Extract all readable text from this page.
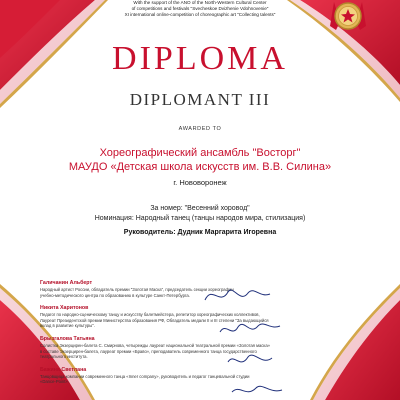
With the support of the ANO of the North-Western Cultural Center
of competitions and festivals "Svecheskoe Dvizhenie Vdohnovenie"
XI international online-competition of choreographic art "Collecting talents"
DIPLOMA
DIPLOMANT III
AWARDED TO
Хореографический ансамбль "Восторг"
МАУДО «Детская школа искусств им. В.В. Силина»
г. Нововоронеж
За номер: "Весенний хоровод"
Номинация: Народный танец (танцы народов мира, стилизация)
Руководитель: Дудник Маргарита Игоревна
Галичанин Альберт
Народный артист России, обладатель премии "Золотая Маска", председатель секции хореографии учебно-методического центра по образованию в культуре Санкт-Петербурга.
Никита Харитонов
Педагог по народно-сценическому танцу и искусству балетмейстера, репетитор хореографических коллективов, Лауреат Президентской премии Министерства образования РФ, Обладатель медали II и III степени "За выдающийся вклад в развитие культуры".
Брызгалова Татьяна
Солистка Экзерцирен-балета С. Смирнова, четырежды лауреат национальной театральной премии «Золотая маска» в составе Экзерцирен-балета, лауреат премии «Браво», преподаватель современного танца государственного театрального института.
Бажина Светлана
Танцовщица компании современного танца «Inner company», руководитель и педагог танцевальной студии «Dance-Point».
